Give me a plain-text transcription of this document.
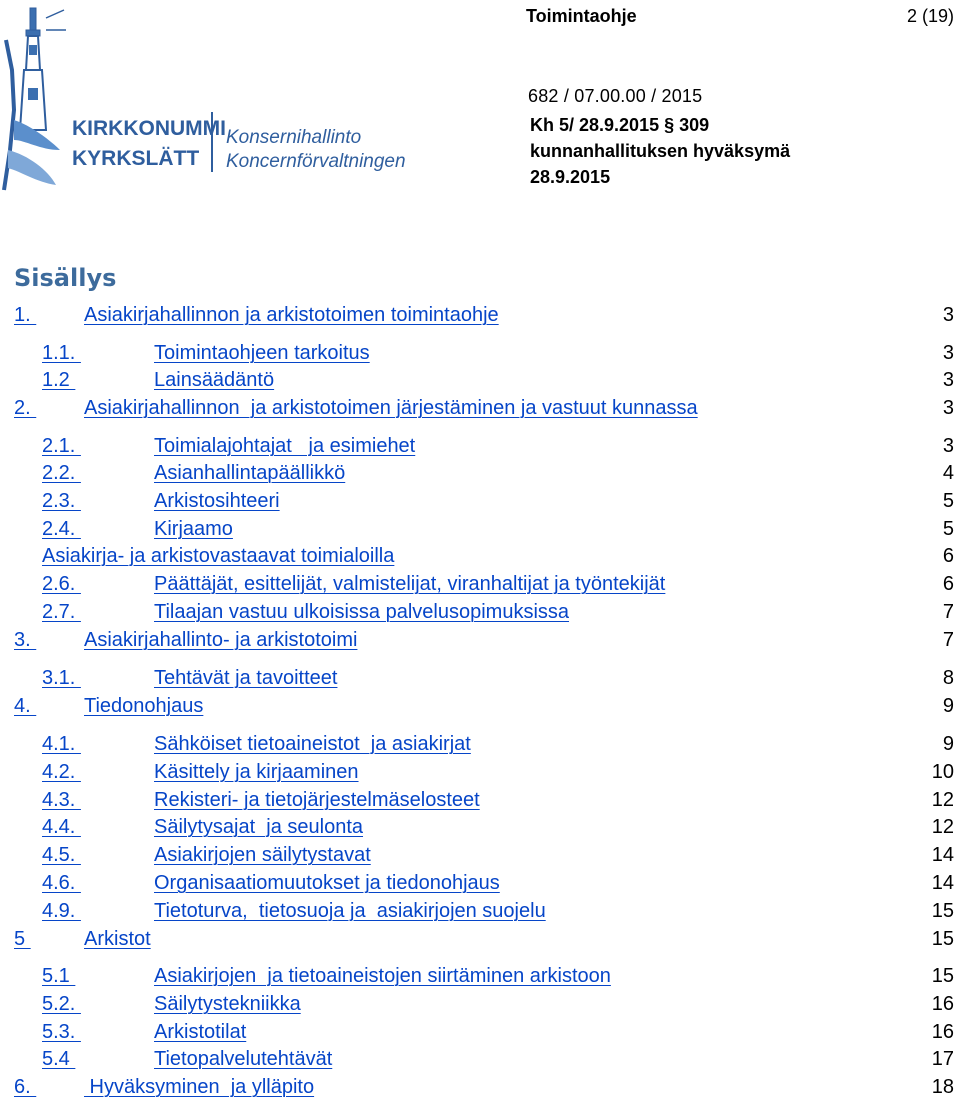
KIRKKONUMMI
KYRKSLÄTT
Konsernihallinto
Koncernförvaltningen
Toimintaohje	2 (19)
682 / 07.00.00 / 2015
Kh 5/ 28.9.2015 § 309
kunnanhallituksen hyväksymä
28.9.2015
Sisällys
1. Asiakirjahallinnon ja arkistotoimen toimintaohje	3
1.1.	Toimintaohjeen tarkoitus	3
1.2	Lainsäädäntö	3
2. Asiakirjahallinnon  ja arkistotoimen järjestäminen ja vastuut kunnassa	3
2.1.	Toimialajohtajat   ja esimiehet	3
2.2.	Asianhallintapäällikkö	4
2.3.	Arkistosihteeri	5
2.4.	Kirjaamo	5
Asiakirja- ja arkistovastaavat toimialoilla	6
2.6.	Päättäjät, esittelijät, valmistelijat, viranhaltijat ja työntekijät	6
2.7.	Tilaajan vastuu ulkoisissa palvelusopimuksissa	7
3. Asiakirjahallinto- ja arkistotoimi	7
3.1.	Tehtävät ja tavoitteet	8
4. Tiedonohjaus	9
4.1.	Sähköiset tietoaineistot  ja asiakirjat	9
4.2.	Käsittely ja kirjaaminen	10
4.3.	Rekisteri- ja tietojärjestelmäselosteet	12
4.4.	Säilytysajat  ja seulonta	12
4.5.	Asiakirjojen säilytystavat	14
4.6.	Organisaatiomuutokset ja tiedonohjaus	14
4.9.	Tietoturva,  tietosuoja ja  asiakirjojen suojelu	15
5	Arkistot	15
5.1	Asiakirjojen  ja tietoaineistojen siirtäminen arkistoon	15
5.2.	Säilytystekniikka	16
5.3.	Arkistotilat	16
5.4	Tietopalvelutehtävät	17
6. Hyväksyminen  ja ylläpito	18
